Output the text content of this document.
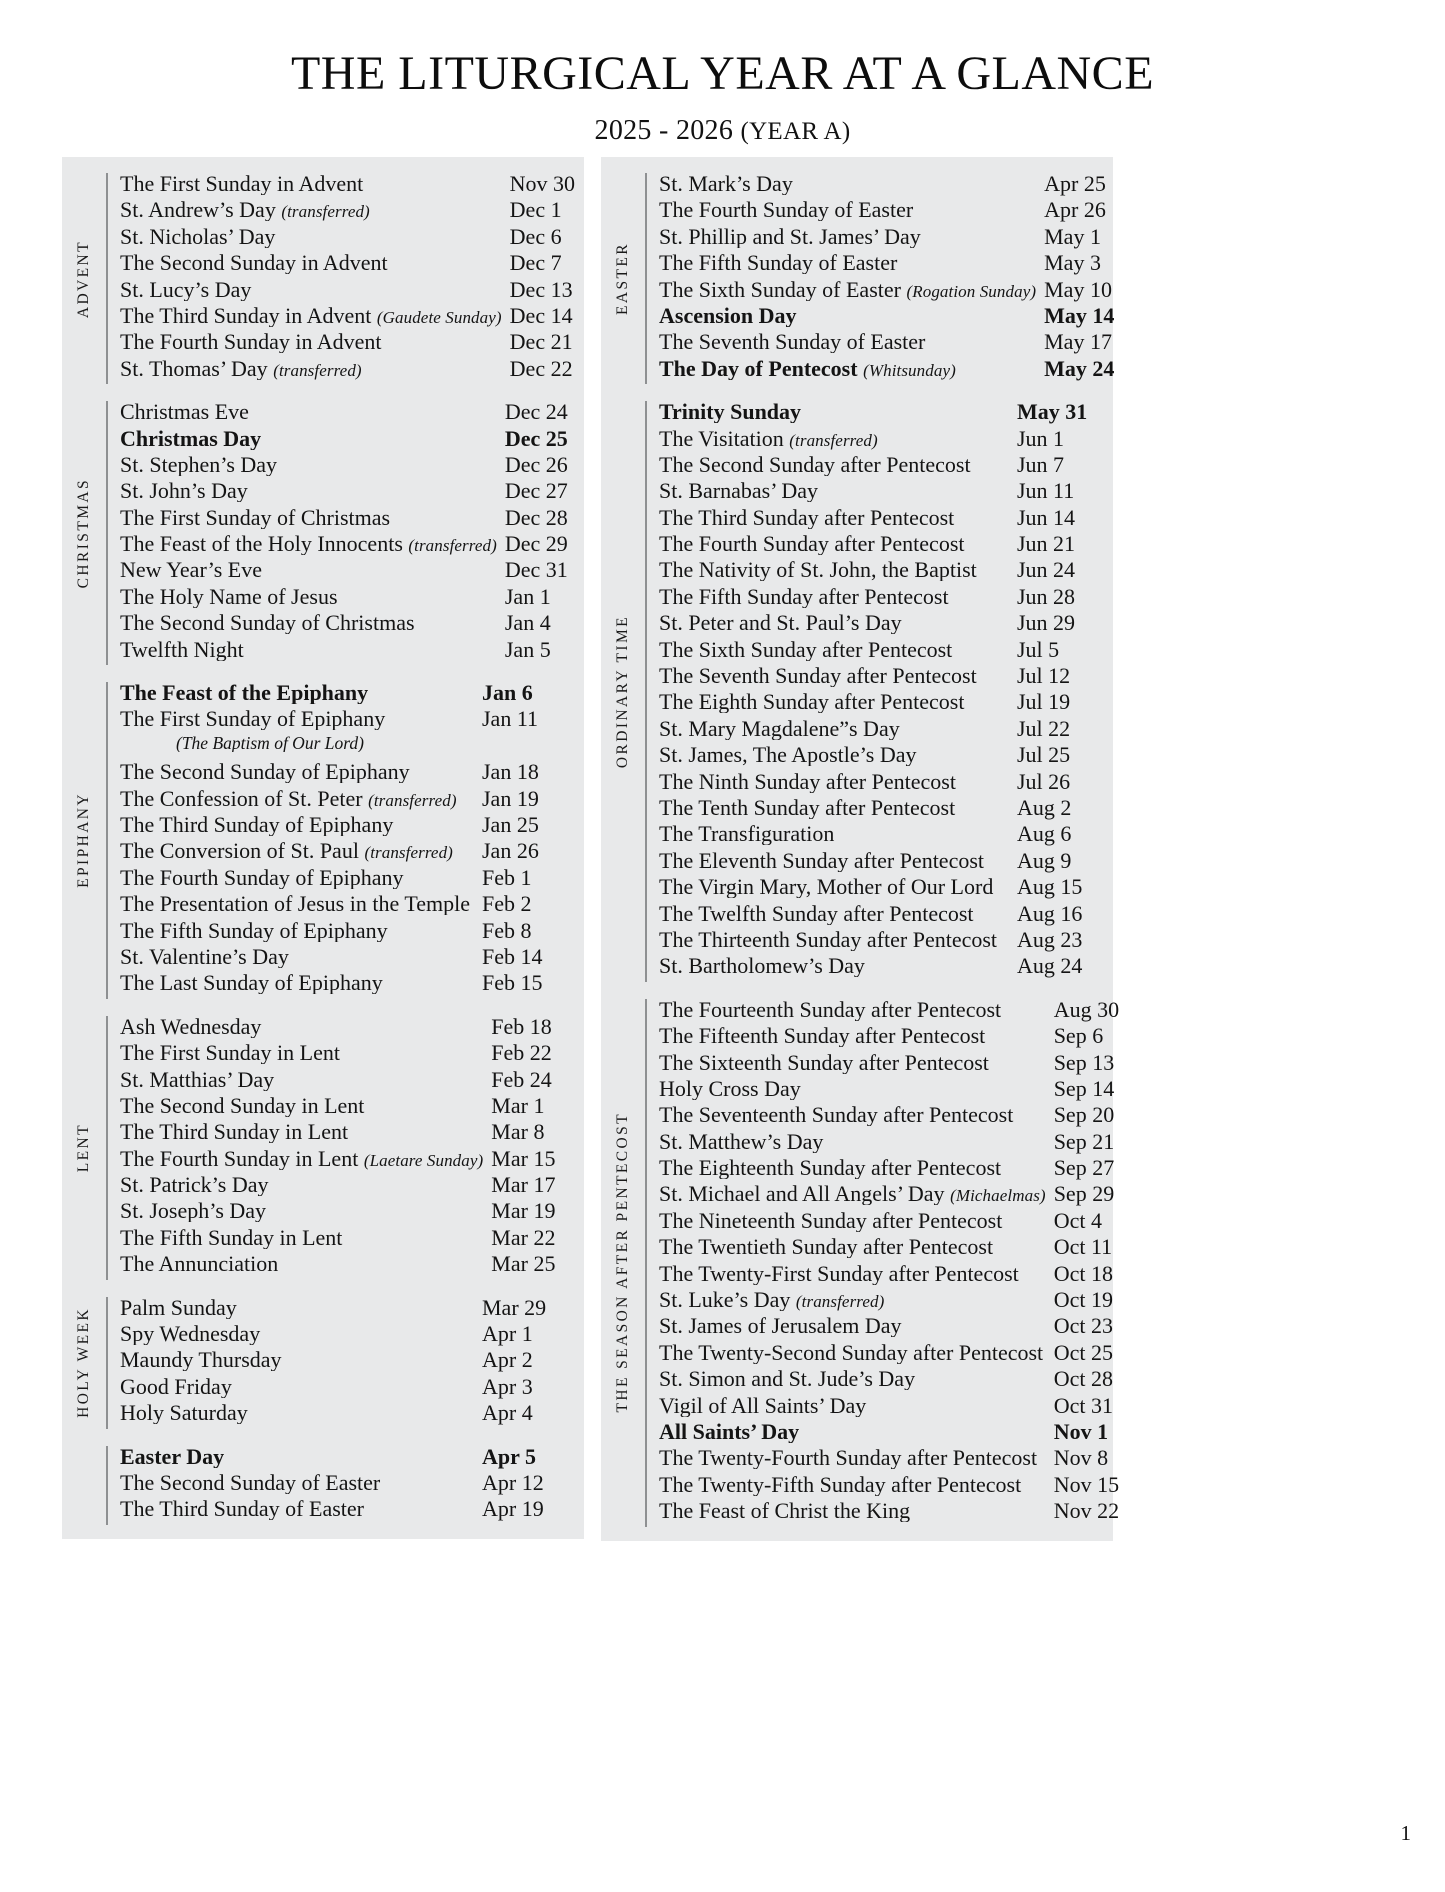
THE LITURGICAL YEAR AT A GLANCE
2025 - 2026 (YEAR A)
ADVENT
The First Sunday in Advent	Nov 30
St. Andrew’s Day (transferred)	Dec 1
St. Nicholas’ Day	Dec 6
The Second Sunday in Advent	Dec 7
St. Lucy’s Day	Dec 13
The Third Sunday in Advent (Gaudete Sunday) Dec 14
The Fourth Sunday in Advent	Dec 21
St. Thomas’ Day (transferred)	Dec 22
CHRISTMAS
Christmas Eve	Dec 24
Christmas Day	Dec 25
St. Stephen’s Day	Dec 26
St. John’s Day	Dec 27
The First Sunday of Christmas	Dec 28
The Feast of the Holy Innocents (transferred) Dec 29
New Year’s Eve	Dec 31
The Holy Name of Jesus	Jan 1
The Second Sunday of Christmas	Jan 4
Twelfth Night	Jan 5
EPIPHANY
The Feast of the Epiphany	Jan 6
The First Sunday of Epiphany	Jan 11
(The Baptism of Our Lord)
The Second Sunday of Epiphany	Jan 18
The Confession of St. Peter (transferred)	Jan 19
The Third Sunday of Epiphany	Jan 25
The Conversion of St. Paul (transferred)	Jan 26
The Fourth Sunday of Epiphany	Feb 1
The Presentation of Jesus in the Temple Feb 2
The Fifth Sunday of Epiphany	Feb 8
St. Valentine’s Day	Feb 14
The Last Sunday of Epiphany	Feb 15
LENT
Ash Wednesday	Feb 18
The First Sunday in Lent	Feb 22
St. Matthias’ Day	Feb 24
The Second Sunday in Lent	Mar 1
The Third Sunday in Lent	Mar 8
The Fourth Sunday in Lent (Laetare Sunday) Mar 15
St. Patrick’s Day	Mar 17
St. Joseph’s Day	Mar 19
The Fifth Sunday in Lent	Mar 22
The Annunciation	Mar 25
HOLY WEEK
Palm Sunday	Mar 29
Spy Wednesday	Apr 1
Maundy Thursday	Apr 2
Good Friday	Apr 3
Holy Saturday	Apr 4
Easter Day	Apr 5
The Second Sunday of Easter	Apr 12
The Third Sunday of Easter	Apr 19
EASTER
St. Mark’s Day	Apr 25
The Fourth Sunday of Easter	Apr 26
St. Phillip and St. James’ Day	May 1
The Fifth Sunday of Easter	May 3
The Sixth Sunday of Easter (Rogation Sunday) May 10
Ascension Day	May 14
The Seventh Sunday of Easter	May 17
The Day of Pentecost (Whitsunday)	May 24
ORDINARY TIME
Trinity Sunday	May 31
The Visitation (transferred)	Jun 1
The Second Sunday after Pentecost	Jun 7
St. Barnabas’ Day	Jun 11
The Third Sunday after Pentecost	Jun 14
The Fourth Sunday after Pentecost	Jun 21
The Nativity of St. John, the Baptist	Jun 24
The Fifth Sunday after Pentecost	Jun 28
St. Peter and St. Paul’s Day	Jun 29
The Sixth Sunday after Pentecost	Jul 5
The Seventh Sunday after Pentecost	Jul 12
The Eighth Sunday after Pentecost	Jul 19
St. Mary Magdalene”s Day	Jul 22
St. James, The Apostle’s Day	Jul 25
The Ninth Sunday after Pentecost	Jul 26
The Tenth Sunday after Pentecost	Aug 2
The Transfiguration	Aug 6
The Eleventh Sunday after Pentecost	Aug 9
The Virgin Mary, Mother of Our Lord	Aug 15
The Twelfth Sunday after Pentecost	Aug 16
The Thirteenth Sunday after Pentecost Aug 23
St. Bartholomew’s Day	Aug 24
THE SEASON AFTER PENTECOST
The Fourteenth Sunday after Pentecost	Aug 30
The Fifteenth Sunday after Pentecost	Sep 6
The Sixteenth Sunday after Pentecost	Sep 13
Holy Cross Day	Sep 14
The Seventeenth Sunday after Pentecost	Sep 20
St. Matthew’s Day	Sep 21
The Eighteenth Sunday after Pentecost	Sep 27
St. Michael and All Angels’ Day (Michaelmas) Sep 29
The Nineteenth Sunday after Pentecost	Oct 4
The Twentieth Sunday after Pentecost	Oct 11
The Twenty-First Sunday after Pentecost	Oct 18
St. Luke’s Day (transferred)	Oct 19
St. James of Jerusalem Day	Oct 23
The Twenty-Second Sunday after Pentecost Oct 25
St. Simon and St. Jude’s Day	Oct 28
Vigil of All Saints’ Day	Oct 31
All Saints’ Day	Nov 1
The Twenty-Fourth Sunday after Pentecost Nov 8
The Twenty-Fifth Sunday after Pentecost	Nov 15
The Feast of Christ the King	Nov 22
1
